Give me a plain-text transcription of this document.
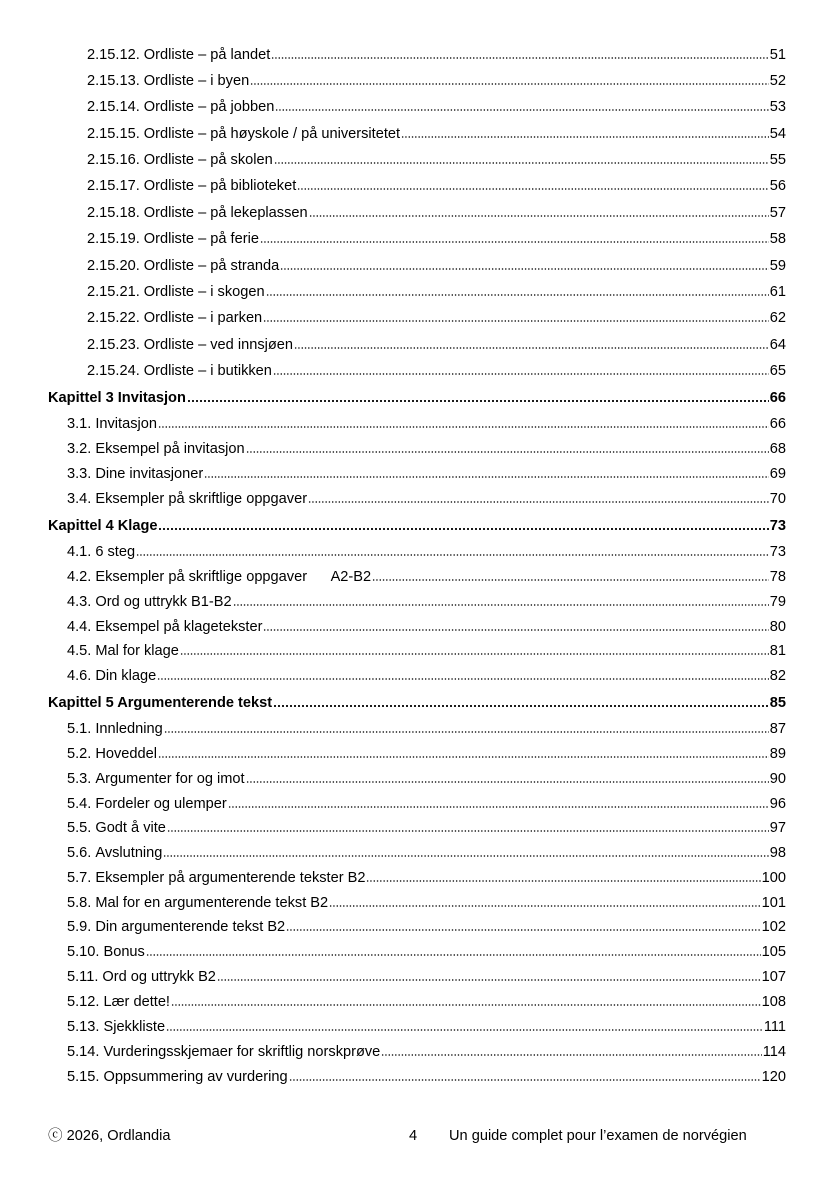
2.15.12. Ordliste – på landet	51
2.15.13. Ordliste – i byen	52
2.15.14. Ordliste – på jobben	53
2.15.15. Ordliste – på høyskole / på universitetet	54
2.15.16. Ordliste – på skolen	55
2.15.17. Ordliste – på biblioteket	56
2.15.18. Ordliste – på lekeplassen	57
2.15.19. Ordliste – på ferie	58
2.15.20. Ordliste – på stranda	59
2.15.21. Ordliste – i skogen	61
2.15.22. Ordliste – i parken	62
2.15.23. Ordliste – ved innsjøen	64
2.15.24. Ordliste – i butikken	65
Kapittel 3 Invitasjon	66
3.1. Invitasjon	66
3.2. Eksempel på invitasjon	68
3.3. Dine invitasjoner	69
3.4. Eksempler på skriftlige oppgaver	70
Kapittel 4 Klage	73
4.1. 6 steg	73
4.2. Eksempler på skriftlige oppgaver      A2-B2	78
4.3. Ord og uttrykk B1-B2	79
4.4. Eksempel på klagetekster	80
4.5. Mal for klage	81
4.6. Din klage	82
Kapittel 5 Argumenterende tekst	85
5.1. Innledning	87
5.2. Hoveddel	89
5.3. Argumenter for og imot	90
5.4. Fordeler og ulemper	96
5.5. Godt å vite	97
5.6. Avslutning	98
5.7. Eksempler på argumenterende tekster B2	100
5.8. Mal for en argumenterende tekst B2	101
5.9. Din argumenterende tekst B2	102
5.10. Bonus	105
5.11. Ord og uttrykk B2	107
5.12. Lær dette!	108
5.13. Sjekkliste	111
5.14. Vurderingsskjemaer for skriftlig norskprøve	114
5.15. Oppsummering av vurdering	120
ⓒ 2026, Ordlandia	4 Un guide complet pour l’examen de norvégien
